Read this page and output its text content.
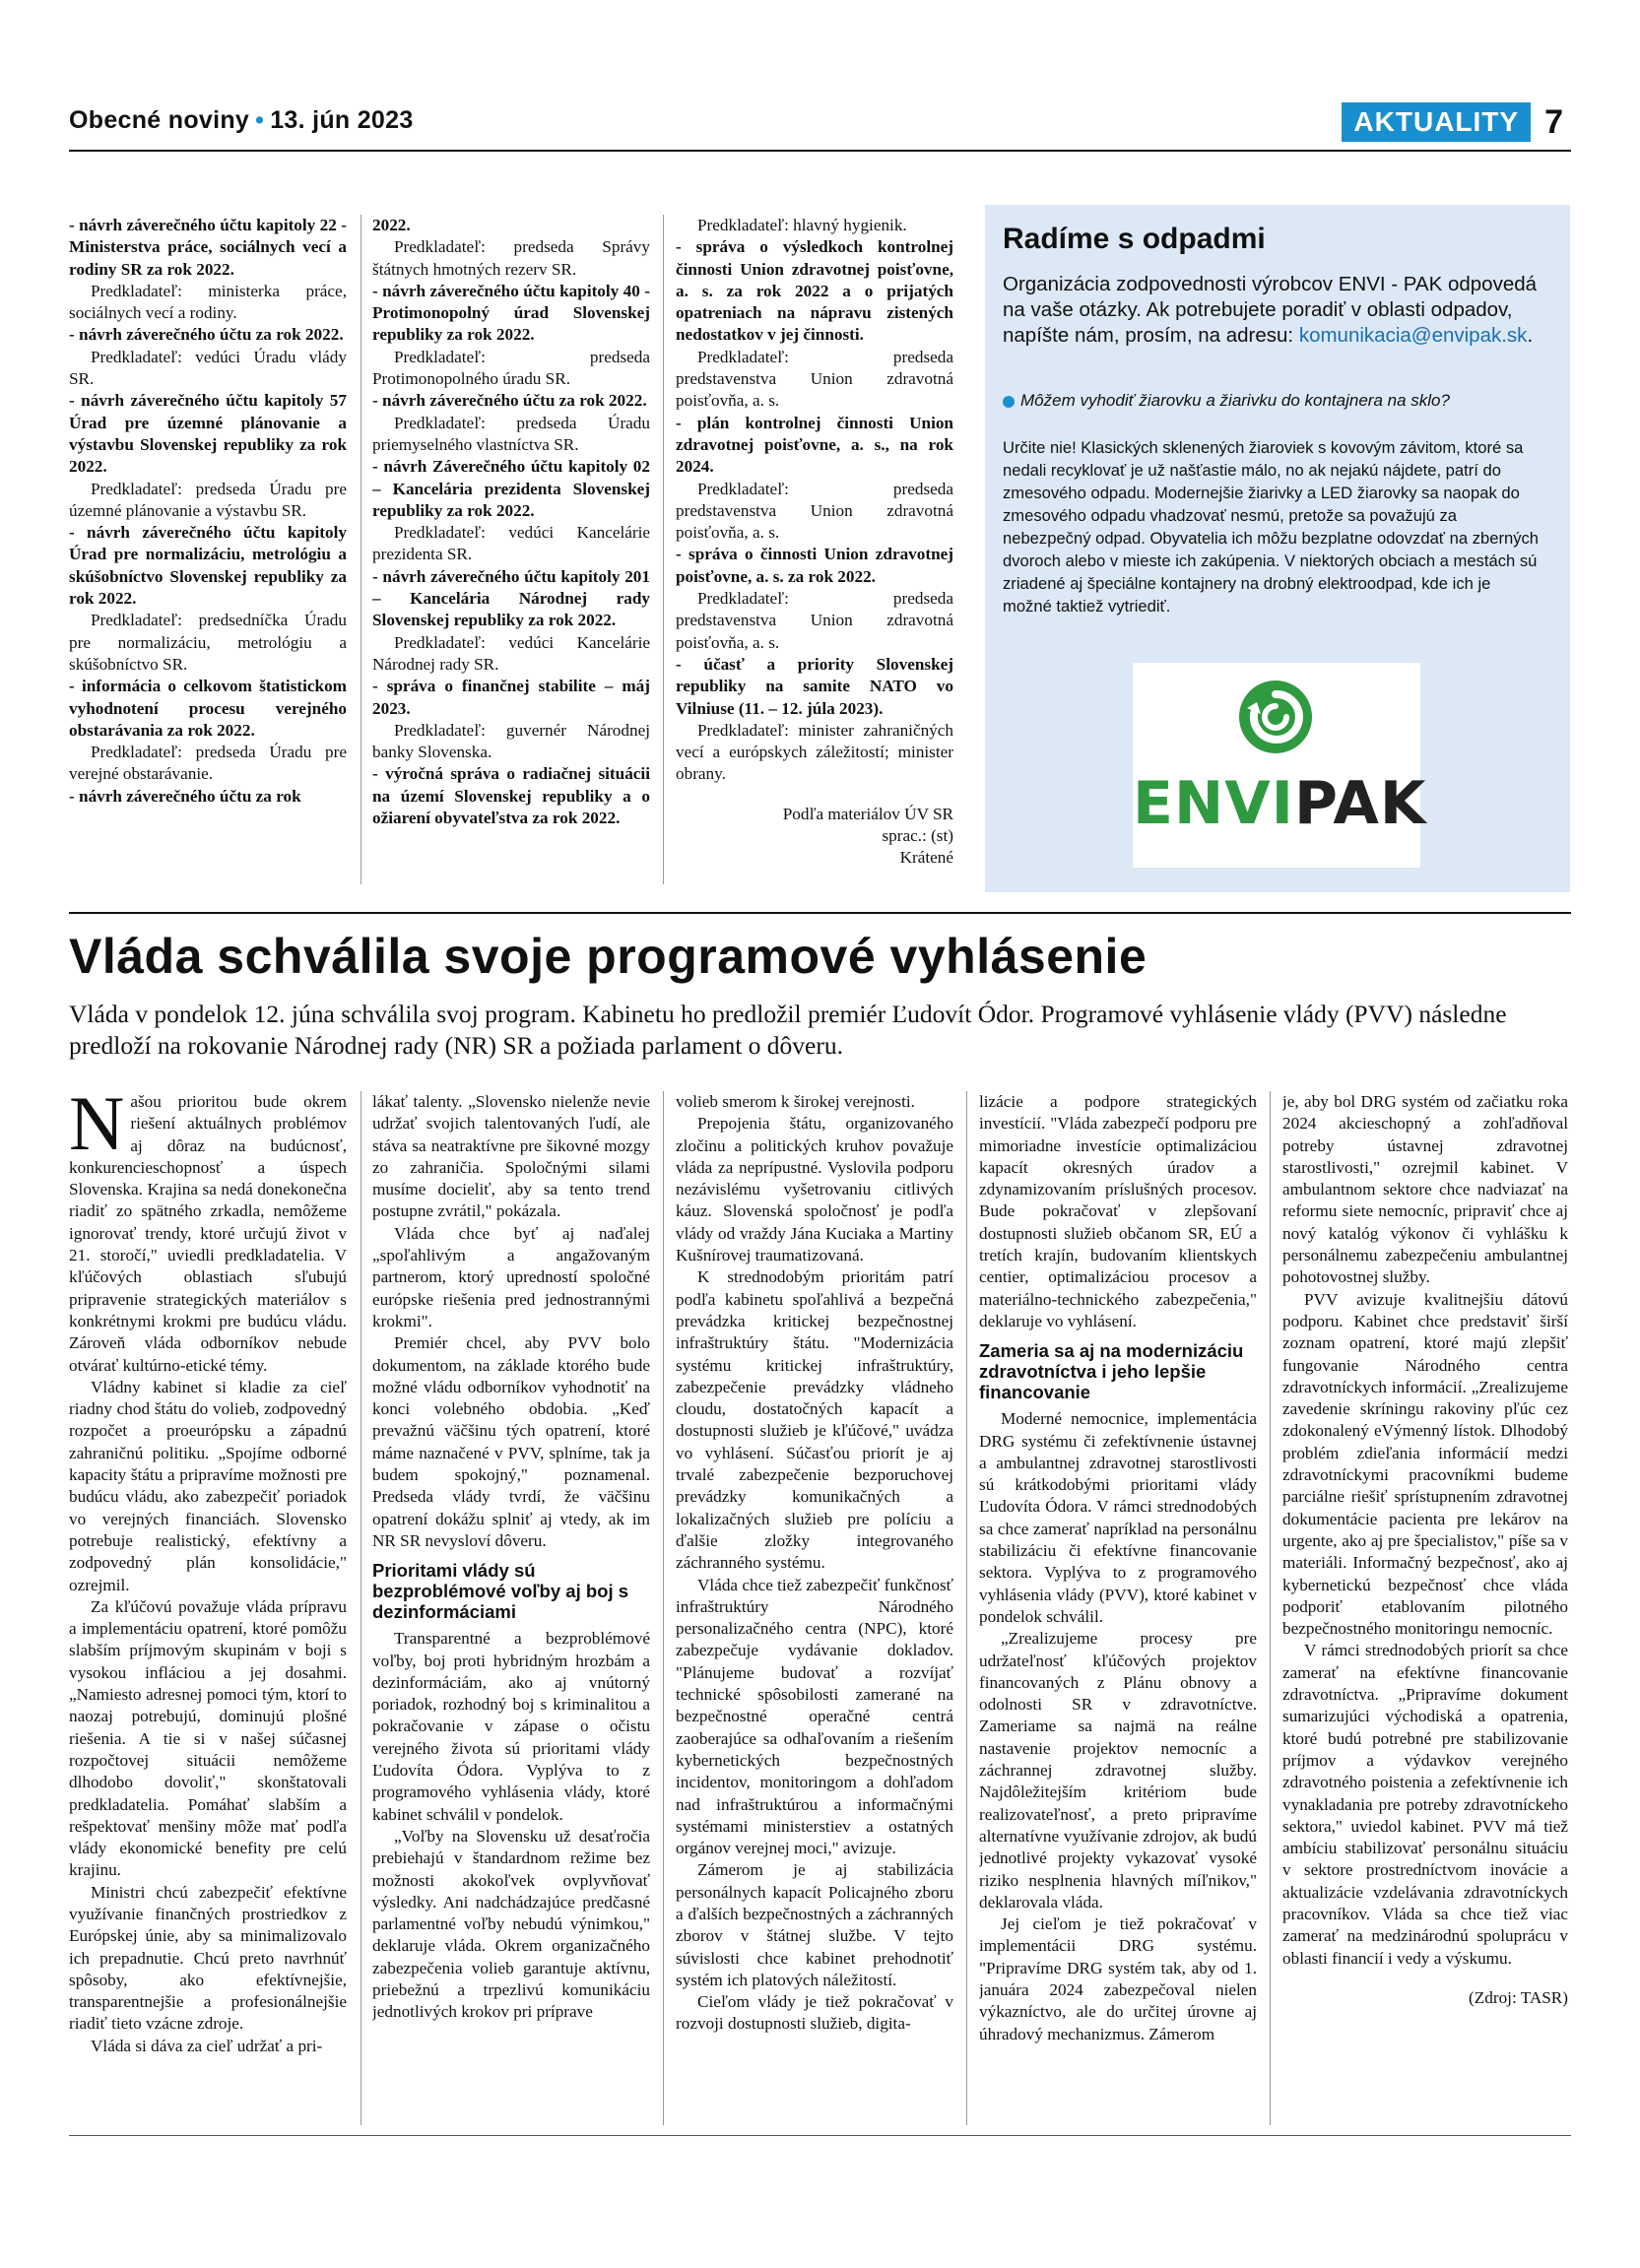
Obecné noviny • 13. jún 2023	AKTUALITY 7

- návrh záverečného účtu kapitoly 22 - Ministerstva práce, sociálnych vecí a rodiny SR za rok 2022.

Predkladateľ: ministerka práce, sociálnych vecí a rodiny.

- návrh záverečného účtu za rok 2022.

Predkladateľ: vedúci Úradu vlády SR.

- návrh záverečného účtu kapitoly 57 Úrad pre územné plánovanie a výstavbu Slovenskej republiky za rok 2022.

Predkladateľ: predseda Úradu pre územné plánovanie a výstavbu SR.

- návrh záverečného účtu kapitoly Úrad pre normalizáciu, metrológiu a skúšobníctvo Slovenskej republiky za rok 2022.

Predkladateľ: predsedníčka Úradu pre normalizáciu, metrológiu a skúšobníctvo SR.

- informácia o celkovom štatistickom vyhodnotení procesu verejného obstarávania za rok 2022.

Predkladateľ: predseda Úradu pre verejné obstarávanie.

- návrh záverečného účtu za rok

2022.

Predkladateľ: predseda Správy štátnych hmotných rezerv SR.

- návrh záverečného účtu kapitoly 40 - Protimonopolný úrad Slovenskej republiky za rok 2022.

Predkladateľ: predseda Protimonopolného úradu SR.

- návrh záverečného účtu za rok 2022.

Predkladateľ: predseda Úradu priemyselného vlastníctva SR.

- návrh Záverečného účtu kapitoly 02 – Kancelária prezidenta Slovenskej republiky za rok 2022.

Predkladateľ: vedúci Kancelárie prezidenta SR.

- návrh záverečného účtu kapitoly 201 – Kancelária Národnej rady Slovenskej republiky za rok 2022.

Predkladateľ: vedúci Kancelárie Národnej rady SR.

- správa o finančnej stabilite – máj 2023.

Predkladateľ: guvernér Národnej banky Slovenska.

- výročná správa o radiačnej situácii na území Slovenskej republiky a o ožiarení obyvateľstva za rok 2022.

Predkladateľ: hlavný hygienik.

- správa o výsledkoch kontrolnej činnosti Union zdravotnej poisťovne, a. s. za rok 2022 a o prijatých opatreniach na nápravu zistených nedostatkov v jej činnosti.

Predkladateľ: predseda predstavenstva Union zdravotná poisťovňa, a. s.

- plán kontrolnej činnosti Union zdravotnej poisťovne, a. s., na rok 2024.

Predkladateľ: predseda predstavenstva Union zdravotná poisťovňa, a. s.

- správa o činnosti Union zdravotnej poisťovne, a. s. za rok 2022.

Predkladateľ: predseda predstavenstva Union zdravotná poisťovňa, a. s.

- účasť a priority Slovenskej republiky na samite NATO vo Vilniuse (11. – 12. júla 2023).

Predkladateľ: minister zahraničných vecí a európskych záležitostí; minister obrany.

Podľa materiálov ÚV SR

sprac.: (st)

Krátené

Radíme s odpadmi
Organizácia zodpovednosti výrobcov ENVI - PAK odpovedá na vaše otázky. Ak potrebujete poradiť v oblasti odpadov, napíšte nám, prosím, na adresu: komunikacia@envipak.sk.
Môžem vyhodiť žiarovku a žiarivku do kontajnera na sklo?
Určite nie! Klasických sklenených žiaroviek s kovovým závitom, ktoré sa nedali recyklovať je už našťastie málo, no ak nejakú nájdete, patrí do zmesového odpadu. Modernejšie žiarivky a LED žiarovky sa naopak do zmesového odpadu vhadzovať nesmú, pretože sa považujú za nebezpečný odpad. Obyvatelia ich môžu bezplatne odovzdať na zberných dvoroch alebo v mieste ich zakúpenia. V niektorých obciach a mestách sú zriadené aj špeciálne kontajnery na drobný elektroodpad, kde ich je možné taktiež vytriediť.
ENVIPAK
Vláda schválila svoje programové vyhlásenie
Vláda v pondelok 12. júna schválila svoj program. Kabinetu ho predložil premiér Ľudovít Ódor. Programové vyhlásenie vlády (PVV) následne predloží na rokovanie Národnej rady (NR) SR a požiada parlament o dôveru.

Našou prioritou bude okrem riešení aktuálnych problémov aj dôraz na budúcnosť, konkurencieschopnosť a úspech Slovenska. Krajina sa nedá donekonečna riadiť zo spätného zrkadla, nemôžeme ignorovať trendy, ktoré určujú život v 21. storočí," uviedli predkladatelia. V kľúčových oblastiach sľubujú pripravenie strategických materiálov s konkrétnymi krokmi pre budúcu vládu. Zároveň vláda odborníkov nebude otvárať kultúrno-etické témy.

Vládny kabinet si kladie za cieľ riadny chod štátu do volieb, zodpovedný rozpočet a proeurópsku a západnú zahraničnú politiku. „Spojíme odborné kapacity štátu a pripravíme možnosti pre budúcu vládu, ako zabezpečiť poriadok vo verejných financiách. Slovensko potrebuje realistický, efektívny a zodpovedný plán konsolidácie," ozrejmil.

Za kľúčovú považuje vláda prípravu a implementáciu opatrení, ktoré pomôžu slabším príjmovým skupinám v boji s vysokou infláciou a jej dosahmi. „Namiesto adresnej pomoci tým, ktorí to naozaj potrebujú, dominujú plošné riešenia. A tie si v našej súčasnej rozpočtovej situácii nemôžeme dlhodobo dovoliť," skonštatovali predkladatelia. Pomáhať slabším a rešpektovať menšiny môže mať podľa vlády ekonomické benefity pre celú krajinu.

Ministri chcú zabezpečiť efektívne využívanie finančných prostriedkov z Európskej únie, aby sa minimalizovalo ich prepadnutie. Chcú preto navrhnúť spôsoby, ako efektívnejšie, transparentnejšie a profesionálnejšie riadiť tieto vzácne zdroje.

Vláda si dáva za cieľ udržať a pri-

lákať talenty. „Slovensko nielenže nevie udržať svojich talentovaných ľudí, ale stáva sa neatraktívne pre šikovné mozgy zo zahraničia. Spoločnými silami musíme docieliť, aby sa tento trend postupne zvrátil," pokázala.

Vláda chce byť aj naďalej „spoľahlivým a angažovaným partnerom, ktorý upredností spoločné európske riešenia pred jednostrannými krokmi".

Premiér chcel, aby PVV bolo dokumentom, na základe ktorého bude možné vládu odborníkov vyhodnotiť na konci volebného obdobia. „Keď prevažnú väčšinu tých opatrení, ktoré máme naznačené v PVV, splníme, tak ja budem spokojný," poznamenal. Predseda vlády tvrdí, že väčšinu opatrení dokážu splniť aj vtedy, ak im NR SR nevysloví dôveru.

Prioritami vlády sú bezproblémové voľby aj boj s dezinformáciami

Transparentné a bezproblémové voľby, boj proti hybridným hrozbám a dezinformáciám, ako aj vnútorný poriadok, rozhodný boj s kriminalitou a pokračovanie v zápase o očistu verejného života sú prioritami vlády Ľudovíta Ódora. Vyplýva to z programového vyhlásenia vlády, ktoré kabinet schválil v pondelok.

„Voľby na Slovensku už desaťročia prebiehajú v štandardnom režime bez možnosti akokoľvek ovplyvňovať výsledky. Ani nadchádzajúce predčasné parlamentné voľby nebudú výnimkou," deklaruje vláda. Okrem organizačného zabezpečenia volieb garantuje aktívnu, priebežnú a trpezlivú komunikáciu jednotlivých krokov pri príprave

volieb smerom k širokej verejnosti.

Prepojenia štátu, organizovaného zločinu a politických kruhov považuje vláda za neprípustné. Vyslovila podporu nezávislému vyšetrovaniu citlivých káuz. Slovenská spoločnosť je podľa vlády od vraždy Jána Kuciaka a Martiny Kušnírovej traumatizovaná.

K strednodobým prioritám patrí podľa kabinetu spoľahlivá a bezpečná prevádzka kritickej bezpečnostnej infraštruktúry štátu. "Modernizácia systému kritickej infraštruktúry, zabezpečenie prevádzky vládneho cloudu, dostatočných kapacít a dostupnosti služieb je kľúčové," uvádza vo vyhlásení. Súčasťou priorít je aj trvalé zabezpečenie bezporuchovej prevádzky komunikačných a lokalizačných služieb pre políciu a ďalšie zložky integrovaného záchranného systému.

Vláda chce tiež zabezpečiť funkčnosť infraštruktúry Národného personalizačného centra (NPC), ktoré zabezpečuje vydávanie dokladov. "Plánujeme budovať a rozvíjať technické spôsobilosti zamerané na bezpečnostné operačné centrá zaoberajúce sa odhaľovaním a riešením kybernetických bezpečnostných incidentov, monitoringom a dohľadom nad infraštruktúrou a informačnými systémami ministerstiev a ostatných orgánov verejnej moci," avizuje.

Zámerom je aj stabilizácia personálnych kapacít Policajného zboru a ďalších bezpečnostných a záchranných zborov v štátnej službe. V tejto súvislosti chce kabinet prehodnotiť systém ich platových náležitostí.

Cieľom vlády je tiež pokračovať v rozvoji dostupnosti služieb, digita-

lizácie a podpore strategických investícií. "Vláda zabezpečí podporu pre mimoriadne investície optimalizáciou kapacít okresných úradov a zdynamizovaním príslušných procesov. Bude pokračovať v zlepšovaní dostupnosti služieb občanom SR, EÚ a tretích krajín, budovaním klientskych centier, optimalizáciou procesov a materiálno-technického zabezpečenia," deklaruje vo vyhlásení.

Zameria sa aj na modernizáciu zdravotníctva i jeho lepšie financovanie

Moderné nemocnice, implementácia DRG systému či zefektívnenie ústavnej a ambulantnej zdravotnej starostlivosti sú krátkodobými prioritami vlády Ľudovíta Ódora. V rámci strednodobých sa chce zamerať napríklad na personálnu stabilizáciu či efektívne financovanie sektora. Vyplýva to z programového vyhlásenia vlády (PVV), ktoré kabinet v pondelok schválil.

„Zrealizujeme procesy pre udržateľnosť kľúčových projektov financovaných z Plánu obnovy a odolnosti SR v zdravotníctve. Zameriame sa najmä na reálne nastavenie projektov nemocníc a záchrannej zdravotnej služby. Najdôležitejším kritériom bude realizovateľnosť, a preto pripravíme alternatívne využívanie zdrojov, ak budú jednotlivé projekty vykazovať vysoké riziko nesplnenia hlavných míľnikov," deklarovala vláda.

Jej cieľom je tiež pokračovať v implementácii DRG systému. "Pripravíme DRG systém tak, aby od 1. januára 2024 zabezpečoval nielen výkazníctvo, ale do určitej úrovne aj úhradový mechanizmus. Zámerom

je, aby bol DRG systém od začiatku roka 2024 akcieschopný a zohľadňoval potreby ústavnej zdravotnej starostlivosti," ozrejmil kabinet. V ambulantnom sektore chce nadviazať na reformu siete nemocníc, pripraviť chce aj nový katalóg výkonov či vyhlášku k personálnemu zabezpečeniu ambulantnej pohotovostnej služby.

PVV avizuje kvalitnejšiu dátovú podporu. Kabinet chce predstaviť širší zoznam opatrení, ktoré majú zlepšiť fungovanie Národného centra zdravotníckych informácií. „Zrealizujeme zavedenie skríningu rakoviny pľúc cez zdokonalený eVýmenný lístok. Dlhodobý problém zdieľania informácií medzi zdravotníckymi pracovníkmi budeme parciálne riešiť sprístupnením zdravotnej dokumentácie pacienta pre lekárov na urgente, ako aj pre špecialistov," píše sa v materiáli. Informačný bezpečnosť, ako aj kybernetickú bezpečnosť chce vláda podporiť etablovaním pilotného bezpečnostného monitoringu nemocníc.

V rámci strednodobých priorít sa chce zamerať na efektívne financovanie zdravotníctva. „Pripravíme dokument sumarizujúci východiská a opatrenia, ktoré budú potrebné pre stabilizovanie príjmov a výdavkov verejného zdravotného poistenia a zefektívnenie ich vynakladania pre potreby zdravotníckeho sektora," uviedol kabinet. PVV má tiež ambíciu stabilizovať personálnu situáciu v sektore prostredníctvom inovácie a aktualizácie vzdelávania zdravotníckych pracovníkov. Vláda sa chce tiež viac zamerať na medzinárodnú spoluprácu v oblasti financií i vedy a výskumu.

(Zdroj: TASR)
